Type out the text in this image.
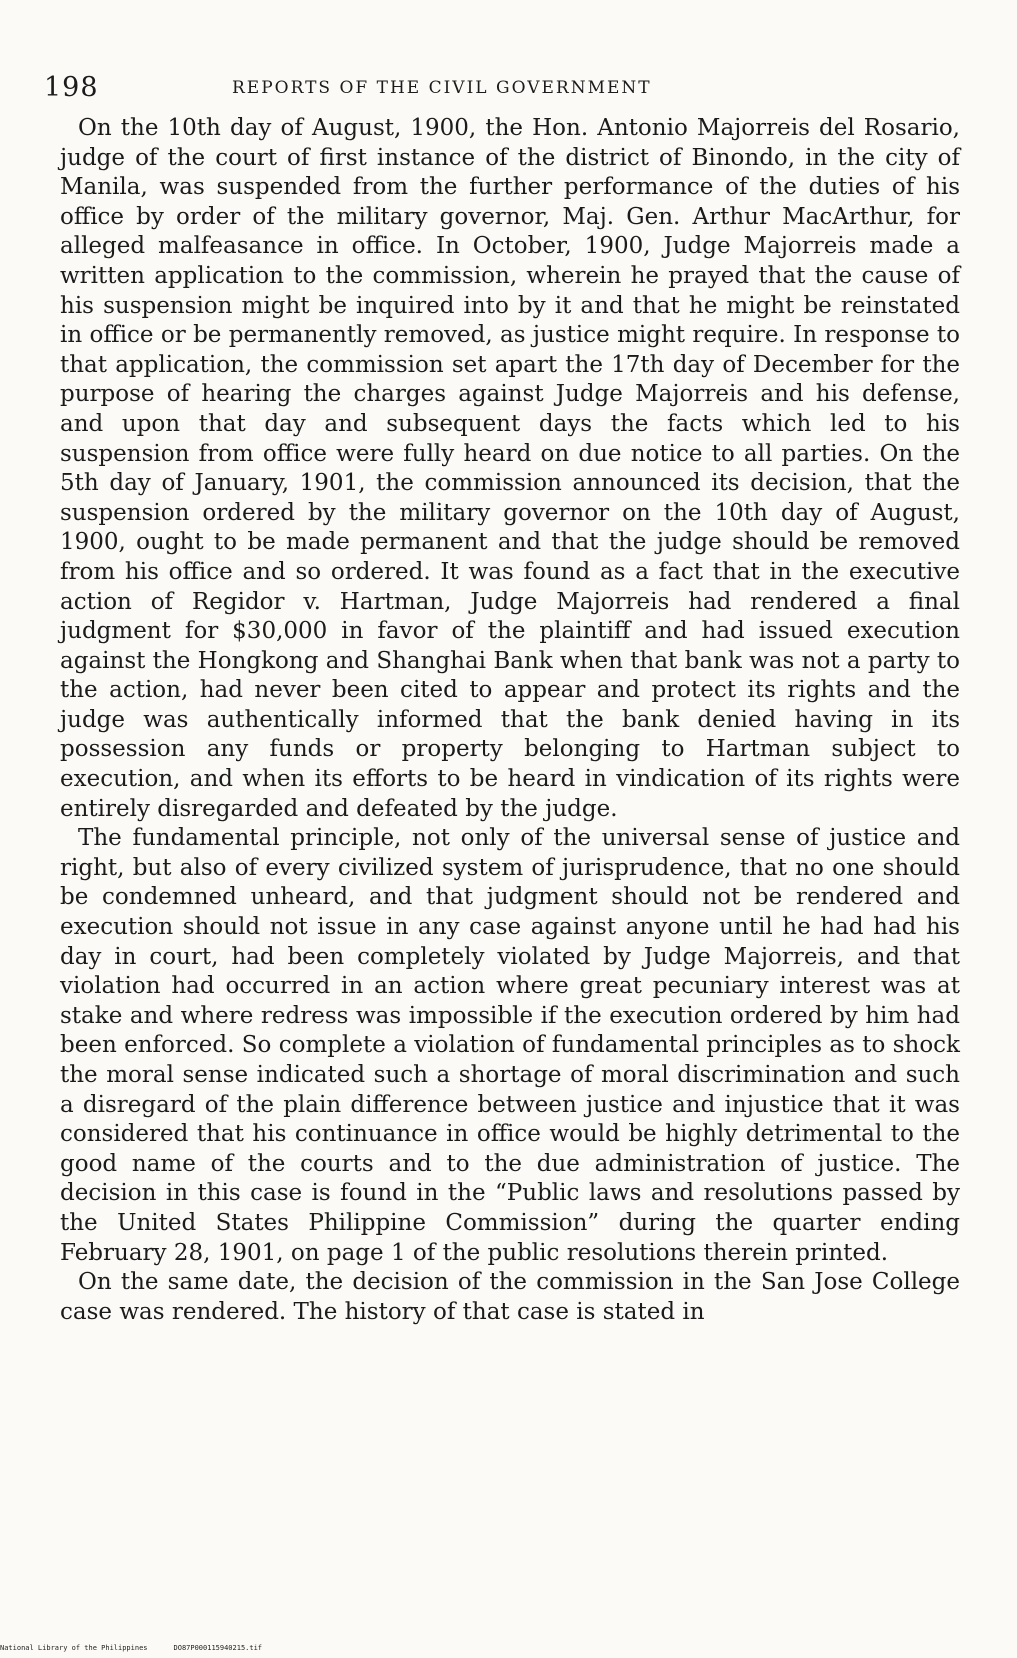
198	REPORTS OF THE CIVIL GOVERNMENT

On the 10th day of August, 1900, the Hon. Antonio Majorreis del Rosario, judge of the court of first instance of the district of Binondo, in the city of Manila, was suspended from the further performance of the duties of his office by order of the military governor, Maj. Gen. Arthur MacArthur, for alleged malfeasance in office. In October, 1900, Judge Majorreis made a written application to the commission, wherein he prayed that the cause of his suspension might be inquired into by it and that he might be reinstated in office or be permanently removed, as justice might require. In response to that application, the commission set apart the 17th day of December for the purpose of hearing the charges against Judge Majorreis and his defense, and upon that day and subsequent days the facts which led to his suspension from office were fully heard on due notice to all parties. On the 5th day of January, 1901, the commission announced its decision, that the suspension ordered by the military governor on the 10th day of August, 1900, ought to be made permanent and that the judge should be removed from his office and so ordered. It was found as a fact that in the executive action of Regidor v. Hartman, Judge Majorreis had rendered a final judgment for $30,000 in favor of the plaintiff and had issued execution against the Hongkong and Shanghai Bank when that bank was not a party to the action, had never been cited to appear and protect its rights and the judge was authentically informed that the bank denied having in its possession any funds or property belonging to Hartman subject to execution, and when its efforts to be heard in vindication of its rights were entirely disregarded and defeated by the judge.

The fundamental principle, not only of the universal sense of justice and right, but also of every civilized system of jurisprudence, that no one should be condemned unheard, and that judgment should not be rendered and execution should not issue in any case against anyone until he had had his day in court, had been completely violated by Judge Majorreis, and that violation had occurred in an action where great pecuniary interest was at stake and where redress was impossible if the execution ordered by him had been enforced. So complete a violation of fundamental principles as to shock the moral sense indicated such a shortage of moral discrimination and such a disregard of the plain difference between justice and injustice that it was considered that his continuance in office would be highly detrimental to the good name of the courts and to the due administration of justice. The decision in this case is found in the “Public laws and resolutions passed by the United States Philippine Commission” during the quarter ending February 28, 1901, on page 1 of the public resolutions therein printed.

On the same date, the decision of the commission in the San Jose College case was rendered. The history of that case is stated in

National Library of the Philippines	DO87P000115940215.tif
